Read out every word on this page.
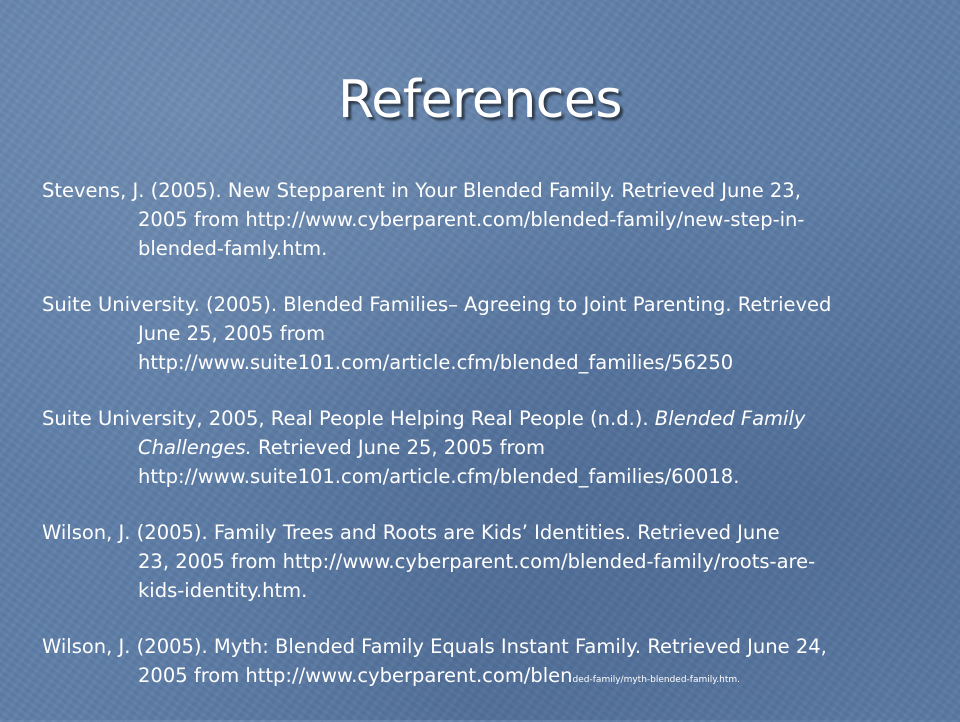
References
Stevens, J. (2005). New Stepparent in Your Blended Family. Retrieved June 23,
2005 from http://www.cyberparent.com/blended-family/new-step-in-
blended-famly.htm.
Suite University. (2005). Blended Families– Agreeing to Joint Parenting. Retrieved
June 25, 2005 from
http://www.suite101.com/article.cfm/blended_families/56250
Suite University, 2005, Real People Helping Real People (n.d.). Blended Family
Challenges. Retrieved June 25, 2005 from
http://www.suite101.com/article.cfm/blended_families/60018.
Wilson, J. (2005). Family Trees and Roots are Kids’ Identities. Retrieved June
23, 2005 from http://www.cyberparent.com/blended-family/roots-are-
kids-identity.htm.
Wilson, J. (2005). Myth: Blended Family Equals Instant Family. Retrieved June 24,
2005 from http://www.cyberparent.com/blended-family/myth-blended-family.htm.
